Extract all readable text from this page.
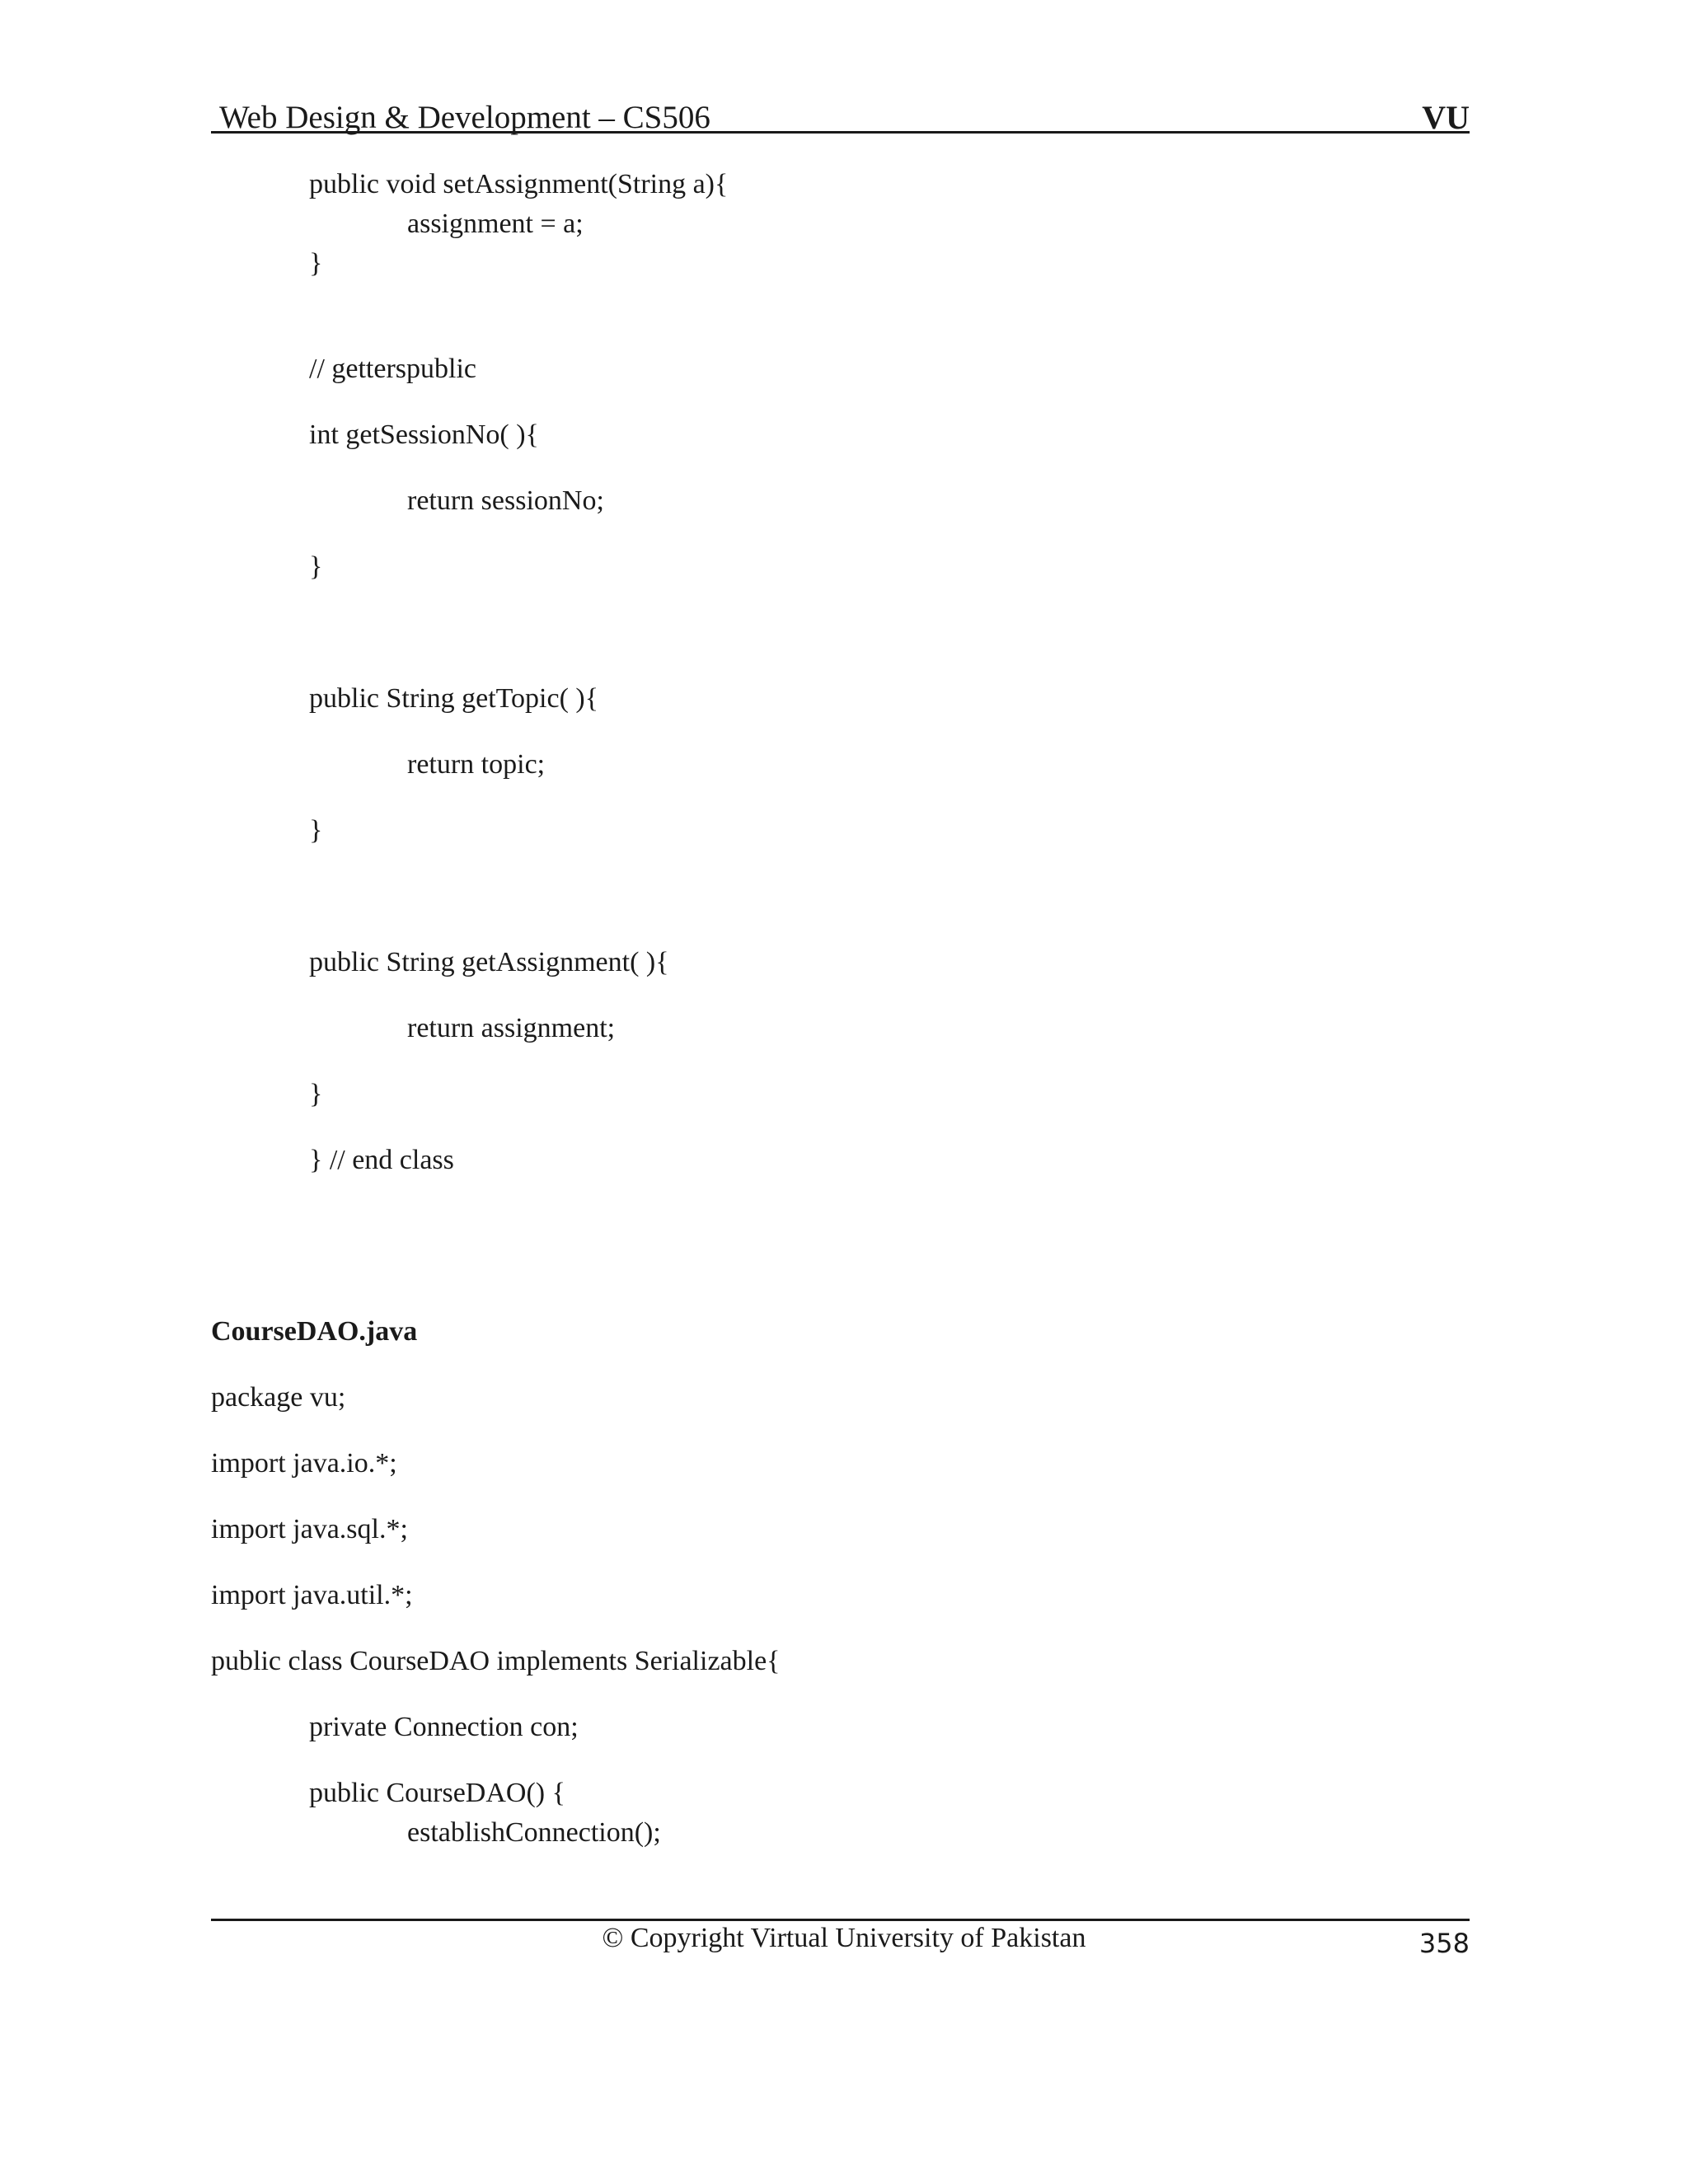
Web Design & Development – CS506	VU
public void setAssignment(String a){
assignment = a;
}
// getterspublic
int getSessionNo( ){
return sessionNo;
}
public String getTopic( ){
return topic;
}
public String getAssignment( ){
return assignment;
}
} // end class
CourseDAO.java
package vu;
import java.io.*;
import java.sql.*;
import java.util.*;
public class CourseDAO implements Serializable{
private Connection con;
public CourseDAO() {
establishConnection();
© Copyright Virtual University of Pakistan	358
